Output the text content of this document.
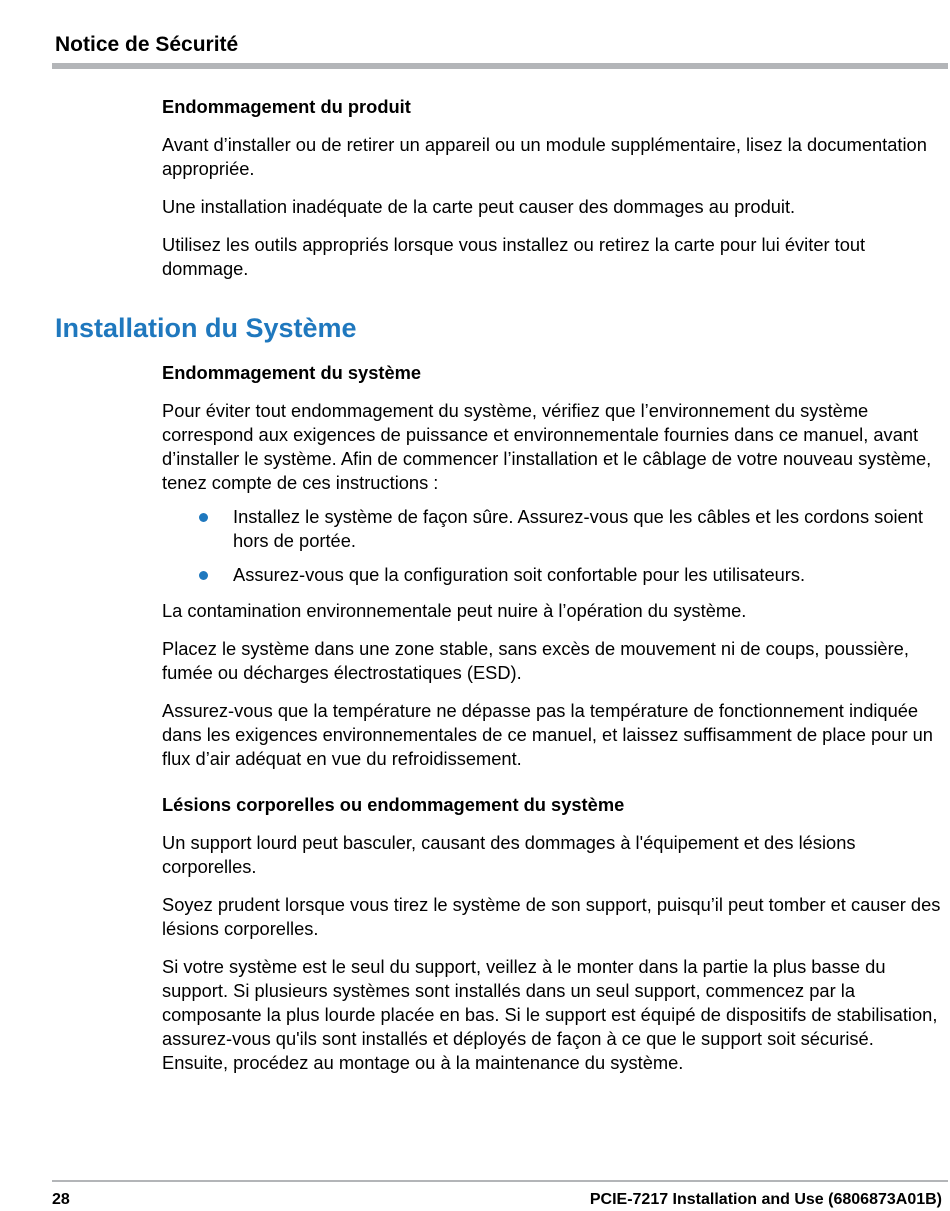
Notice de Sécurité
Endommagement du produit

Avant d’installer ou de retirer un appareil ou un module supplémentaire, lisez la documentation appropriée.

Une installation inadéquate de la carte peut causer des dommages au produit.

Utilisez les outils appropriés lorsque vous installez ou retirez la carte pour lui éviter tout dommage.

Installation du Système
Endommagement du système

Pour éviter tout endommagement du système, vérifiez que l’environnement du système correspond aux exigences de puissance et environnementale fournies dans ce manuel, avant d’installer le système. Afin de commencer l’installation et le câblage de votre nouveau système, tenez compte de ces instructions :

Installez le système de façon sûre. Assurez-vous que les câbles et les cordons soient hors de portée.
Assurez-vous que la configuration soit confortable pour les utilisateurs.

La contamination environnementale peut nuire à l’opération du système.

Placez le système dans une zone stable, sans excès de mouvement ni de coups, poussière, fumée ou décharges électrostatiques (ESD).

Assurez-vous que la température ne dépasse pas la température de fonctionnement indiquée dans les exigences environnementales de ce manuel, et laissez suffisamment de place pour un flux d’air adéquat en vue du refroidissement.

Lésions corporelles ou endommagement du système

Un support lourd peut basculer, causant des dommages à l'équipement et des lésions corporelles.

Soyez prudent lorsque vous tirez le système de son support, puisqu’il peut tomber et causer des lésions corporelles.

Si votre système est le seul du support, veillez à le monter dans la partie la plus basse du support. Si plusieurs systèmes sont installés dans un seul support, commencez par la composante la plus lourde placée en bas. Si le support est équipé de dispositifs de stabilisation, assurez-vous qu'ils sont installés et déployés de façon à ce que le support soit sécurisé. Ensuite, procédez au montage ou à la maintenance du système.

28	PCIE-7217 Installation and Use (6806873A01B)
